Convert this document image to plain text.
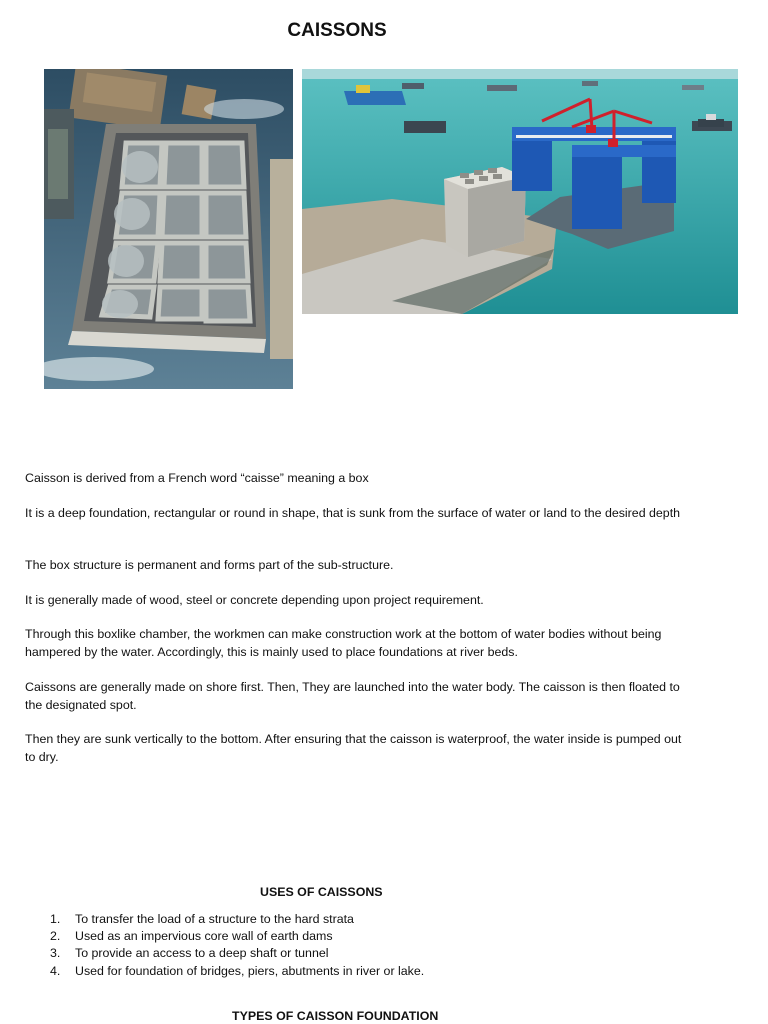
CAISSONS

Caisson is derived from a French word “caisse” meaning a box

It is a deep foundation, rectangular or round in shape, that is sunk from the surface of water or land to the desired depth

The box structure is permanent and forms part of the sub-structure.

It is generally made of wood, steel or concrete depending upon project requirement.

Through this boxlike chamber, the workmen can make construction work at the bottom of water bodies without being hampered by the water. Accordingly, this is mainly used to place foundations at river beds.

Caissons are generally made on shore first. Then, They are launched into the water body. The caisson is then floated to the designated spot.

Then they are sunk vertically to the bottom. After ensuring that the caisson is waterproof, the water inside is pumped out to dry.

USES OF CAISSONS
1.	To transfer the load of a structure to the hard strata
2.	Used as an impervious core wall of earth dams
3.	To provide an access to a deep shaft or tunnel
4.	Used for foundation of bridges, piers, abutments in river or lake.
TYPES OF CAISSON FOUNDATION
